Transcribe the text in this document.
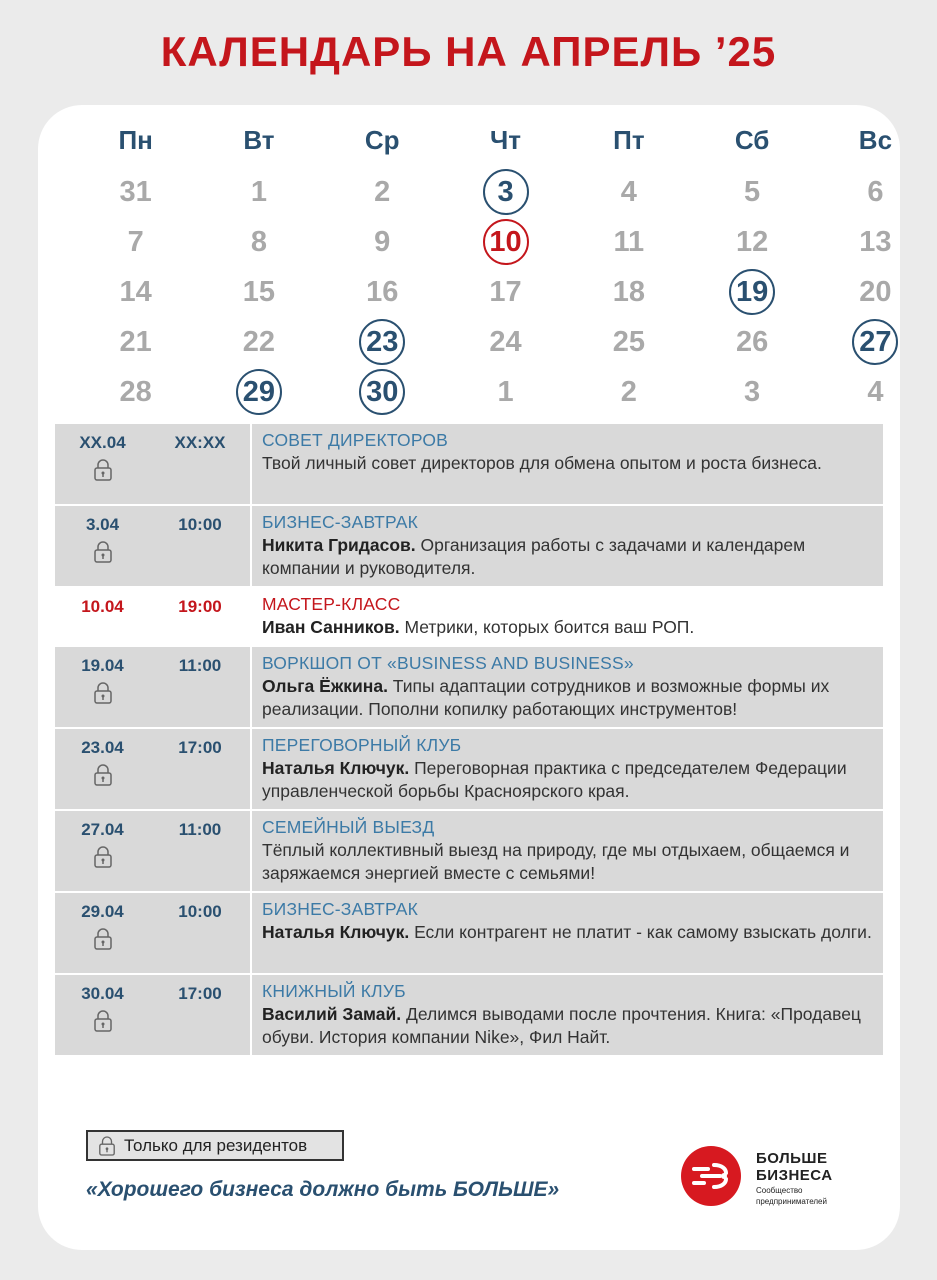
КАЛЕНДАРЬ НА АПРЕЛЬ ’25
Пн	Вт	Ср	Чт	Пт	Сб	Вс
31	1	2	3	4	5	6
7	8	9	10	11	12	13
14	15	16	17	18	19	20
21	22	23	24	25	26	27
28	29	30	1	2	3	4
XX.04	XX:XX	СОВЕТ ДИРЕКТОРОВ
Твой личный совет директоров для обмена опытом и роста бизнеса.
3.04	10:00	БИЗНЕС-ЗАВТРАК
Никита Гридасов. Организация работы с задачами и календарем компании и руководителя.
10.04	19:00	МАСТЕР-КЛАСС
Иван Санников. Метрики, которых боится ваш РОП.
19.04	11:00	ВОРКШОП ОТ «BUSINESS AND BUSINESS»
Ольга Ёжкина. Типы адаптации сотрудников и возможные формы их реализации. Пополни копилку работающих инструментов!
23.04	17:00	ПЕРЕГОВОРНЫЙ КЛУБ
Наталья Ключук. Переговорная практика с председателем Федерации управленческой борьбы Красноярского края.
27.04	11:00	СЕМЕЙНЫЙ ВЫЕЗД
Тёплый коллективный выезд на природу, где мы отдыхаем, общаемся и заряжаемся энергией вместе с семьями!
29.04	10:00	БИЗНЕС-ЗАВТРАК
Наталья Ключук. Если контрагент не платит - как самому взыскать долги.
30.04	17:00	КНИЖНЫЙ КЛУБ
Василий Замай. Делимся выводами после прочтения. Книга: «Продавец обуви. История компании Nike», Фил Найт.
Только для резидентов
«Хорошего бизнеса должно быть БОЛЬШЕ»
БОЛЬШЕ
БИЗНЕСА
Сообщество
предпринимателей
